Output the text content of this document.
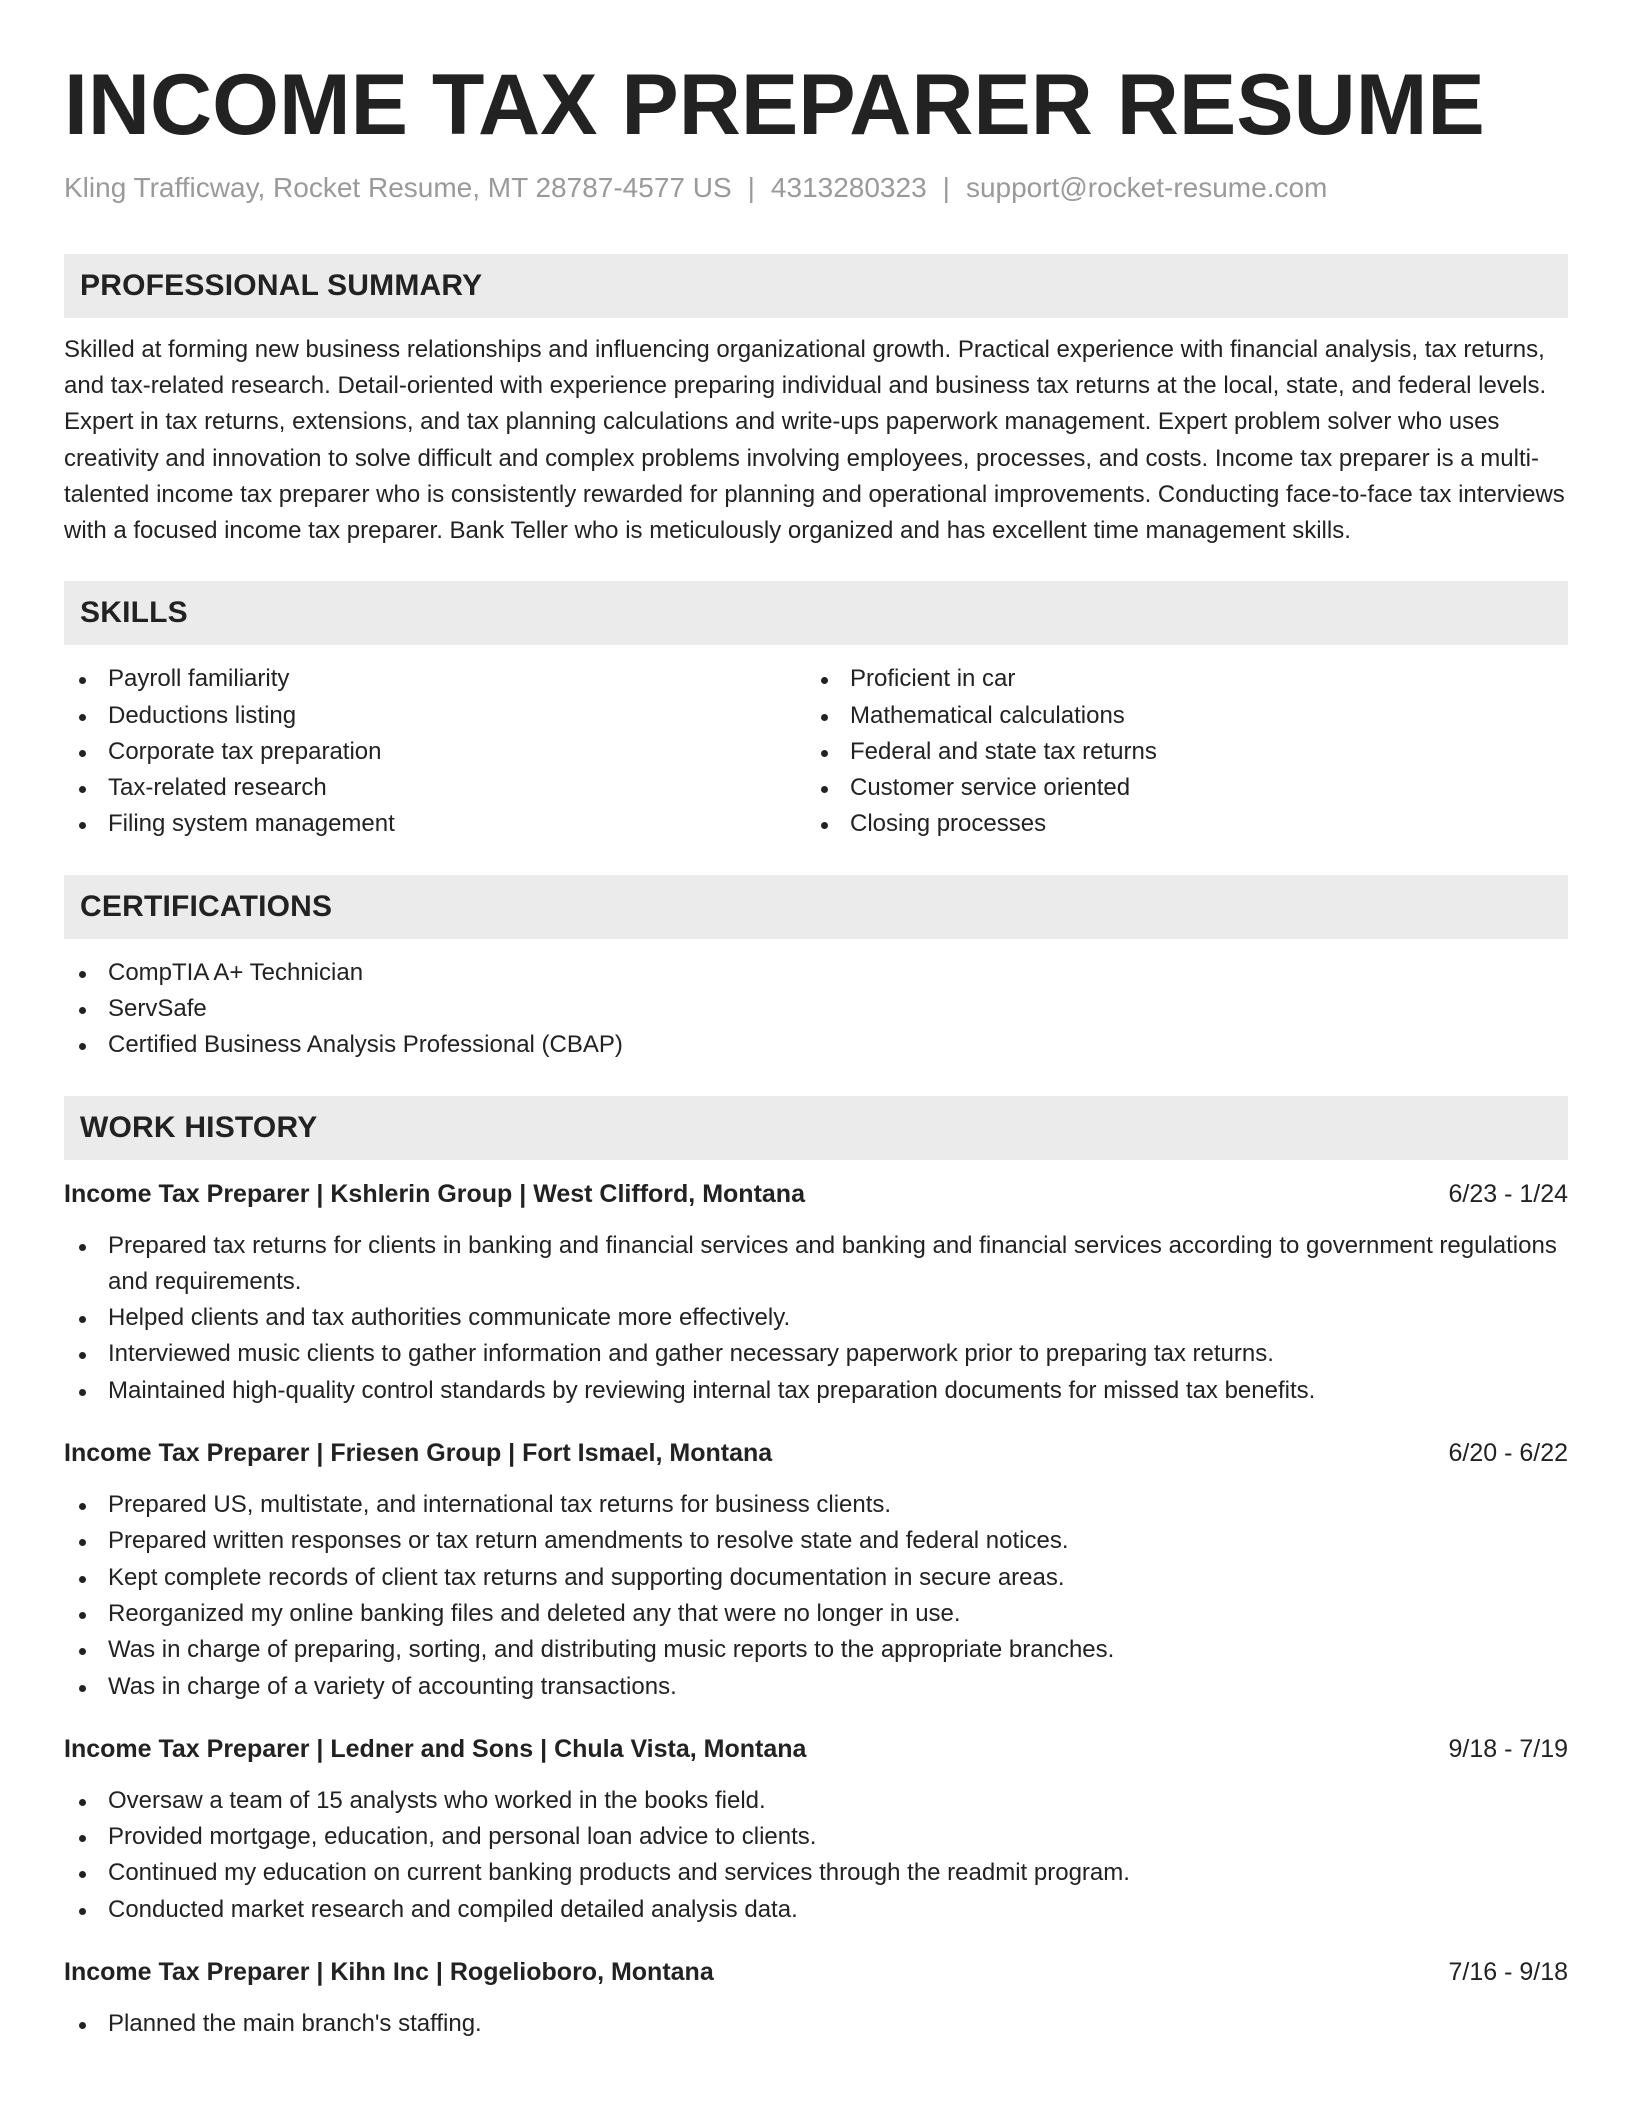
INCOME TAX PREPARER RESUME
Kling Trafficway, Rocket Resume, MT 28787-4577 US | 4313280323 | support@rocket-resume.com
PROFESSIONAL SUMMARY

Skilled at forming new business relationships and influencing organizational growth. Practical experience with financial analysis, tax returns, and tax-related research. Detail-oriented with experience preparing individual and business tax returns at the local, state, and federal levels. Expert in tax returns, extensions, and tax planning calculations and write-ups paperwork management. Expert problem solver who uses creativity and innovation to solve difficult and complex problems involving employees, processes, and costs. Income tax preparer is a multi-talented income tax preparer who is consistently rewarded for planning and operational improvements. Conducting face-to-face tax interviews with a focused income tax preparer. Bank Teller who is meticulously organized and has excellent time management skills.

SKILLS
Payroll familiarity
Deductions listing
Corporate tax preparation
Tax-related research
Filing system management
Proficient in car
Mathematical calculations
Federal and state tax returns
Customer service oriented
Closing processes
CERTIFICATIONS
CompTIA A+ Technician
ServSafe
Certified Business Analysis Professional (CBAP)
WORK HISTORY
Income Tax Preparer | Kshlerin Group | West Clifford, Montana	6/23 - 1/24
Prepared tax returns for clients in banking and financial services and banking and financial services according to government regulations and requirements.
Helped clients and tax authorities communicate more effectively.
Interviewed music clients to gather information and gather necessary paperwork prior to preparing tax returns.
Maintained high-quality control standards by reviewing internal tax preparation documents for missed tax benefits.
Income Tax Preparer | Friesen Group | Fort Ismael, Montana	6/20 - 6/22
Prepared US, multistate, and international tax returns for business clients.
Prepared written responses or tax return amendments to resolve state and federal notices.
Kept complete records of client tax returns and supporting documentation in secure areas.
Reorganized my online banking files and deleted any that were no longer in use.
Was in charge of preparing, sorting, and distributing music reports to the appropriate branches.
Was in charge of a variety of accounting transactions.
Income Tax Preparer | Ledner and Sons | Chula Vista, Montana	9/18 - 7/19
Oversaw a team of 15 analysts who worked in the books field.
Provided mortgage, education, and personal loan advice to clients.
Continued my education on current banking products and services through the readmit program.
Conducted market research and compiled detailed analysis data.
Income Tax Preparer | Kihn Inc | Rogelioboro, Montana	7/16 - 9/18
Planned the main branch's staffing.
